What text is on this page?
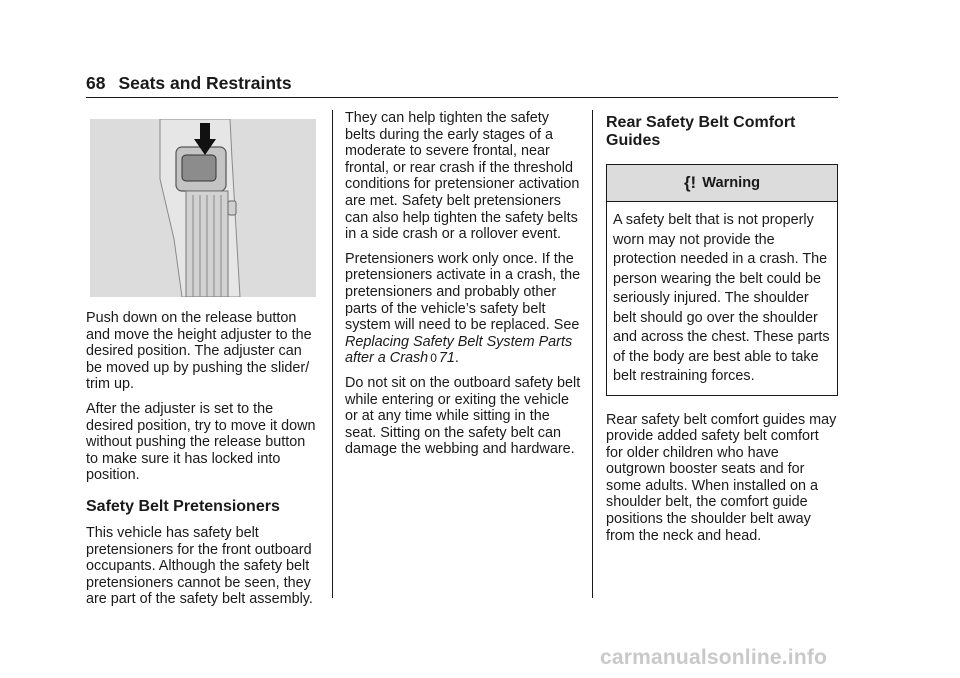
68 Seats and Restraints

Push down on the release button and move the height adjuster to the desired position. The adjuster can be moved up by pushing the slider/ trim up.

After the adjuster is set to the desired position, try to move it down without pushing the release button to make sure it has locked into position.

Safety Belt Pretensioners

This vehicle has safety belt pretensioners for the front outboard occupants. Although the safety belt pretensioners cannot be seen, they are part of the safety belt assembly.

They can help tighten the safety belts during the early stages of a moderate to severe frontal, near frontal, or rear crash if the threshold conditions for pretensioner activation are met. Safety belt pretensioners can also help tighten the safety belts in a side crash or a rollover event.

Pretensioners work only once. If the pretensioners activate in a crash, the pretensioners and probably other parts of the vehicle’s safety belt system will need to be replaced. See Replacing Safety Belt System Parts after a Crash 0 71.

Do not sit on the outboard safety belt while entering or exiting the vehicle or at any time while sitting in the seat. Sitting on the safety belt can damage the webbing and hardware.

Rear Safety Belt Comfort Guides
{! Warning
A safety belt that is not properly worn may not provide the protection needed in a crash. The person wearing the belt could be seriously injured. The shoulder belt should go over the shoulder and across the chest. These parts of the body are best able to take belt restraining forces.

Rear safety belt comfort guides may provide added safety belt comfort for older children who have outgrown booster seats and for some adults. When installed on a shoulder belt, the comfort guide positions the shoulder belt away from the neck and head.

carmanualsonline.info
